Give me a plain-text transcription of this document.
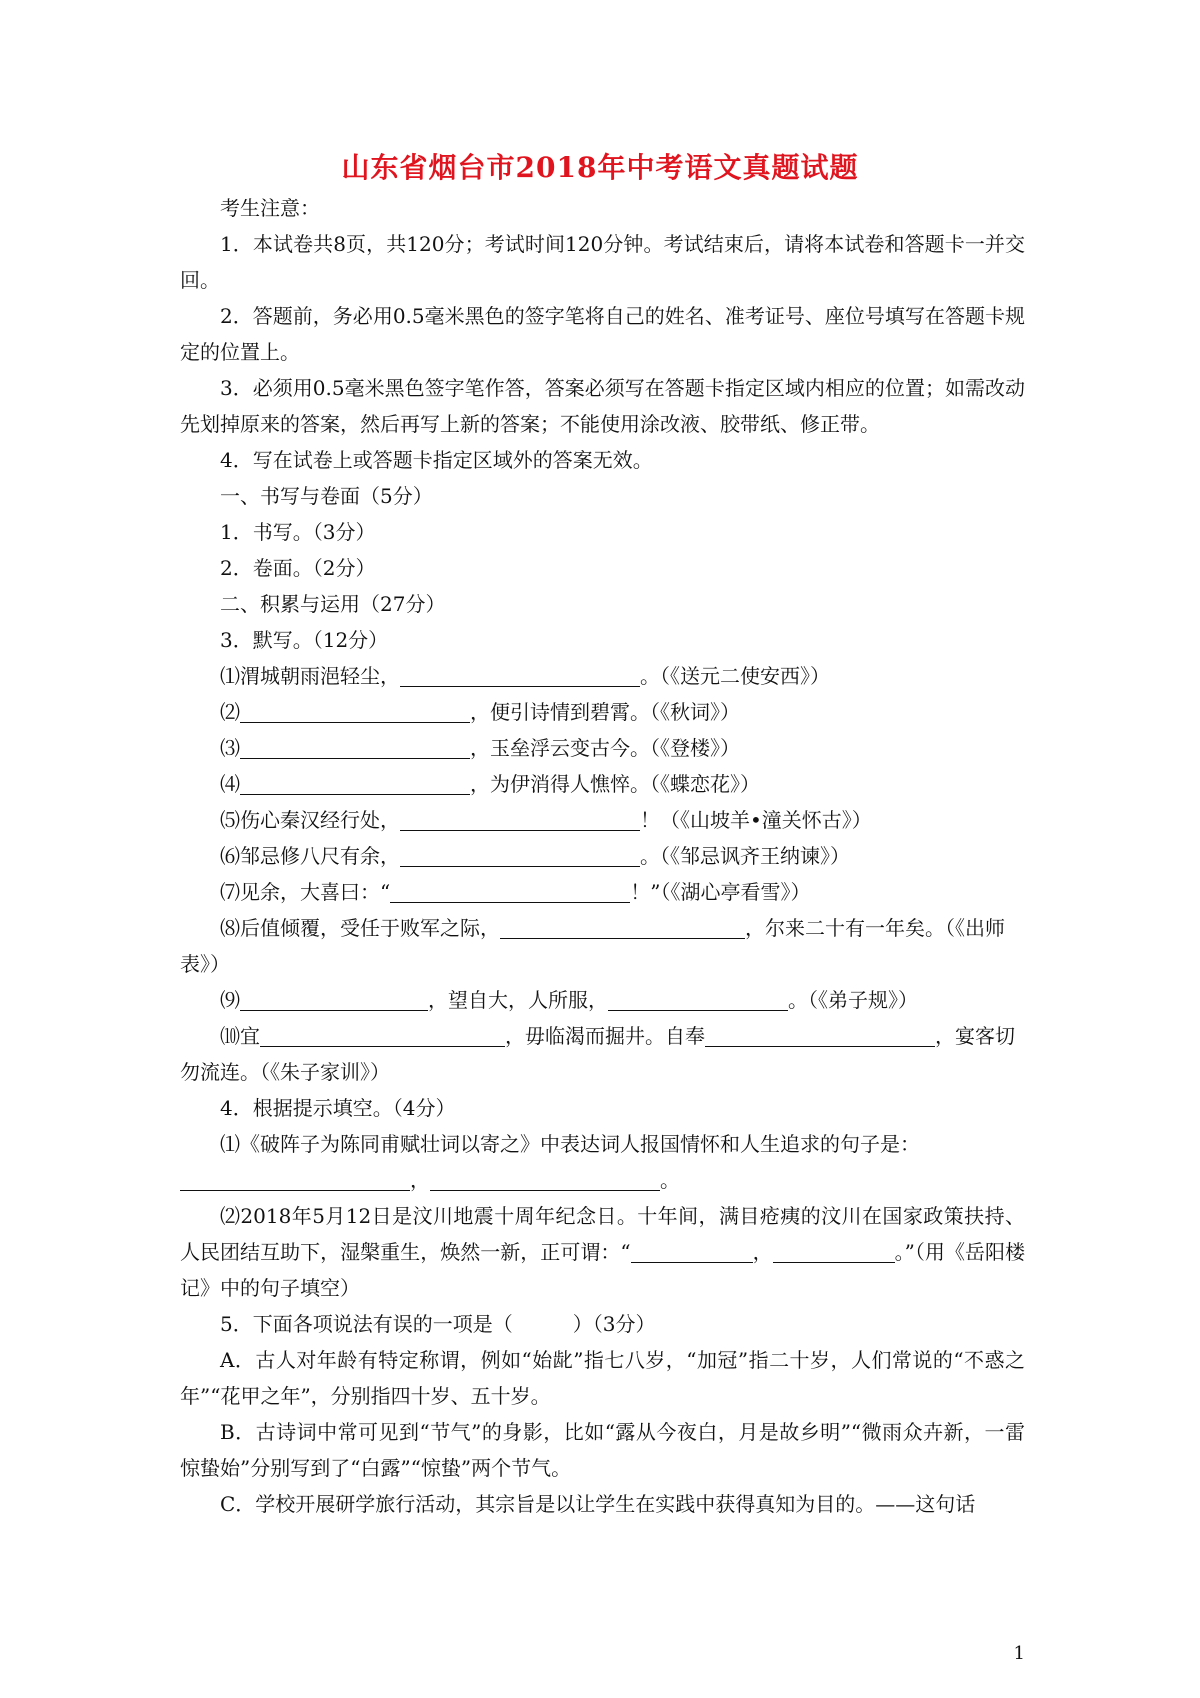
山东省烟台市2018年中考语文真题试题

考生注意：

1．本试卷共8页，共120分；考试时间120分钟。考试结束后，请将本试卷和答题卡一并交回。

2．答题前，务必用0.5毫米黑色的签字笔将自己的姓名、准考证号、座位号填写在答题卡规定的位置上。

3．必须用0.5毫米黑色签字笔作答，答案必须写在答题卡指定区域内相应的位置；如需改动先划掉原来的答案，然后再写上新的答案；不能使用涂改液、胶带纸、修正带。

4．写在试卷上或答题卡指定区域外的答案无效。

一、书写与卷面（5分）

1．书写。（3分）

2．卷面。（2分）

二、积累与运用（27分）

3．默写。（12分）

⑴渭城朝雨浥轻尘，	。（《送元二使安西》）

⑵	，便引诗情到碧霄。（《秋词》）

⑶	，玉垒浮云变古今。（《登楼》）

⑷	，为伊消得人憔悴。（《蝶恋花》）

⑸伤心秦汉经行处，	！（《山坡羊•潼关怀古》）

⑹邹忌修八尺有余，	。（《邹忌讽齐王纳谏》）

⑺见余，大喜曰：“	！”（《湖心亭看雪》）

⑻后值倾覆，受任于败军之际，	，尔来二十有一年矣。（《出师表》）

⑼	，望自大，人所服，	。（《弟子规》）

⑽宜	，毋临渴而掘井。自奉	，宴客切勿流连。（《朱子家训》）

4．根据提示填空。（4分）

⑴《破阵子为陈同甫赋壮词以寄之》中表达词人报国情怀和人生追求的句子是：

，	。

⑵2018年5月12日是汶川地震十周年纪念日。十年间，满目疮痍的汶川在国家政策扶持、人民团结互助下，湿槃重生，焕然一新，正可谓：“	，	。”（用《岳阳楼记》中的句子填空）

5．下面各项说法有误的一项是（　　　）（3分）

A．古人对年龄有特定称谓，例如“始龀”指七八岁，“加冠”指二十岁，人们常说的“不惑之年”“花甲之年”，分别指四十岁、五十岁。

B．古诗词中常可见到“节气”的身影，比如“露从今夜白，月是故乡明”“微雨众卉新，一雷惊蛰始”分别写到了“白露”“惊蛰”两个节气。

C．学校开展研学旅行活动，其宗旨是以让学生在实践中获得真知为目的。——这句话

1
